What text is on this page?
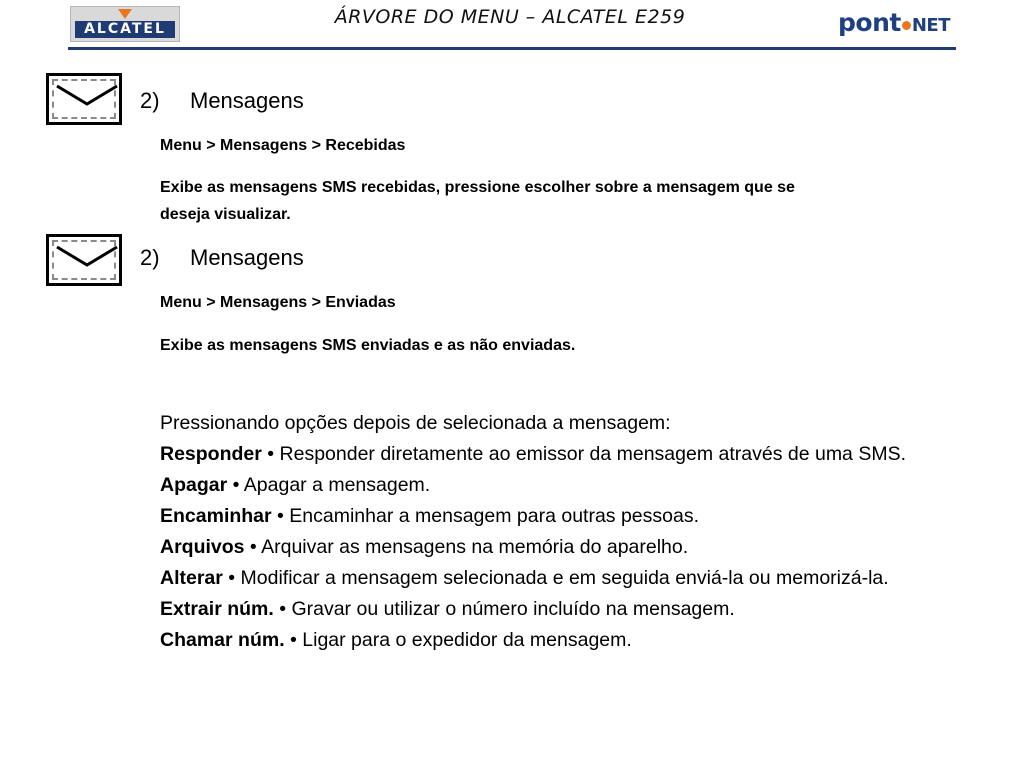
ALCATEL
ÁRVORE DO MENU – ALCATEL E259	pont NET
2) Mensagens
Menu > Mensagens > Recebidas
Exibe as mensagens SMS recebidas, pressione escolher sobre a mensagem que se
deseja visualizar.
2) Mensagens
Menu > Mensagens > Enviadas
Exibe as mensagens SMS enviadas e as não enviadas.
Pressionando opções depois de selecionada a mensagem:
Responder • Responder diretamente ao emissor da mensagem através de uma SMS.
Apagar • Apagar a mensagem.
Encaminhar • Encaminhar a mensagem para outras pessoas.
Arquivos • Arquivar as mensagens na memória do aparelho.
Alterar • Modificar a mensagem selecionada e em seguida enviá-la ou memorizá-la.
Extrair núm. • Gravar ou utilizar o número incluído na mensagem.
Chamar núm. • Ligar para o expedidor da mensagem.
